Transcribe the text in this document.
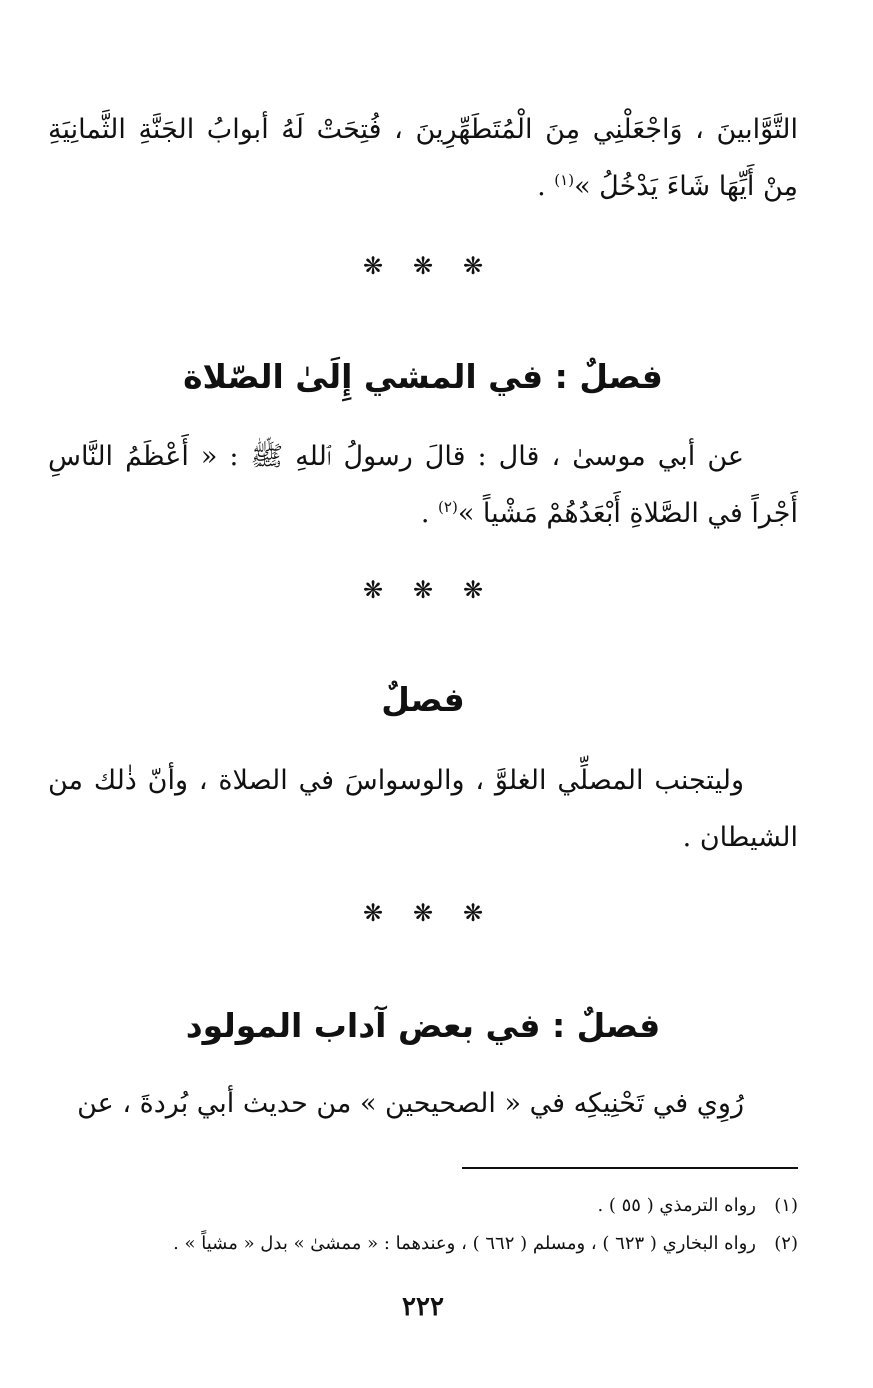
التَّوَّابينَ ، وَاجْعَلْنِي مِنَ الْمُتَطَهِّرِينَ ، فُتِحَتْ لَهُ أبوابُ الجَنَّةِ الثَّمانِيَةِ مِنْ أَيِّهَا شَاءَ يَدْخُلُ »$^{(١)}$ .

❋ ❋ ❋
فصلٌ : في المشي إِلَىٰ الصّلاة

عن أبي موسىٰ ، قال : قالَ رسولُ ٱللهِ ﷺ : « أَعْظَمُ النَّاسِ أَجْراً في الصَّلاةِ أَبْعَدُهُمْ مَشْياً »$^{(٢)}$ .

❋ ❋ ❋
فصلٌ

وليتجنب المصلِّي الغلوَّ ، والوسواسَ في الصلاة ، وأنّ ذٰلك من الشيطان .

❋ ❋ ❋
فصلٌ : في بعض آداب المولود

رُوِي في تَحْنِيكِه في « الصحيحين » من حديث أبي بُردةَ ، عن

(١)رواه الترمذي ( ٥٥ ) .
(٢)رواه البخاري ( ٦٢٣ ) ، ومسلم ( ٦٦٢ ) ، وعندهما : « ممشىٰ » بدل « مشياً » .
٢٢٢
